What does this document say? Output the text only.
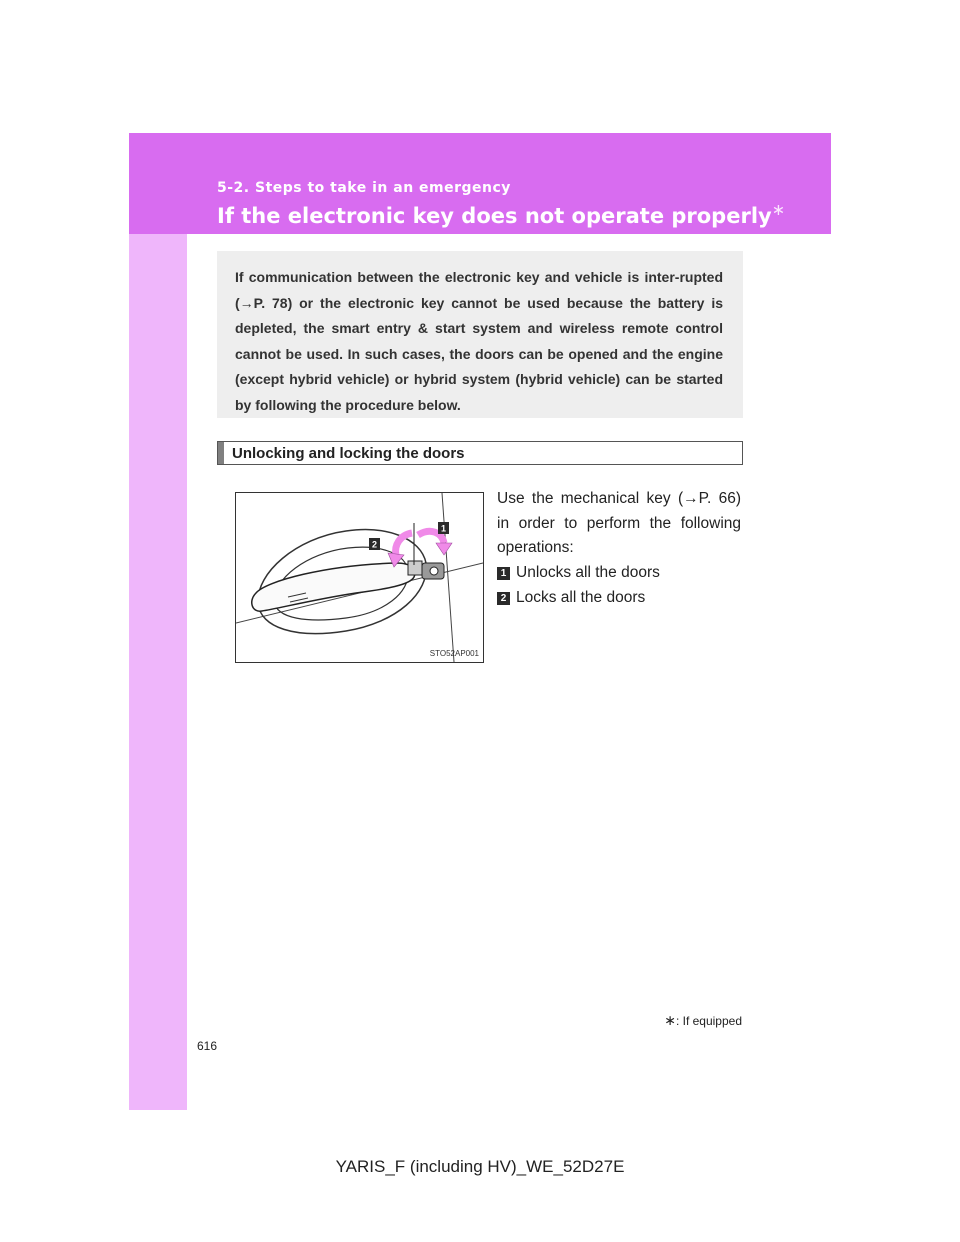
5-2. Steps to take in an emergency
If the electronic key does not operate properly∗

If communication between the electronic key and vehicle is inter-rupted (→P. 78) or the electronic key cannot be used because the battery is depleted, the smart entry & start system and wireless remote control cannot be used. In such cases, the doors can be opened and the engine (except hybrid vehicle) or hybrid system (hybrid vehicle) can be started by following the procedure below.

Unlocking and locking the doors
1
2
STO52AP001
Use the mechanical key (→P. 66) in order to perform the following operations:
1 Unlocks all the doors
2 Locks all the doors
∗: If equipped
616
YARIS_F (including HV)_WE_52D27E
